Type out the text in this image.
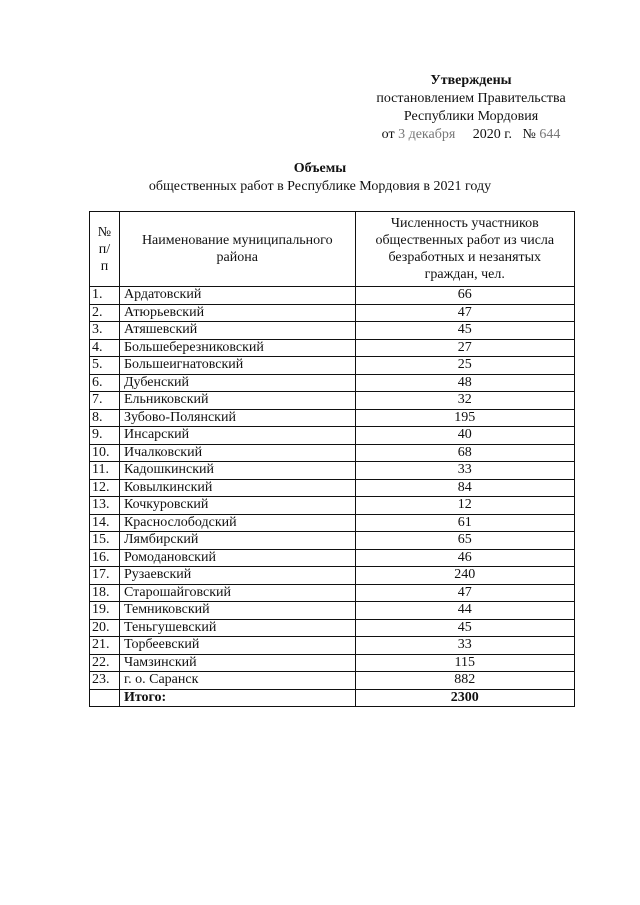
Утверждены
постановлением Правительства
Республики Мордовия
от 3 декабря 2020 г. № 644
Объемы
общественных работ в Республике Мордовия в 2021 году
№ п/п	Наименование муниципального района	Численность участников общественных работ из числа безработных и незанятых граждан, чел.
1.	Ардатовский	66
2.	Атюрьевский	47
3.	Атяшевский	45
4.	Большеберезниковский	27
5.	Большеигнатовский	25
6.	Дубенский	48
7.	Ельниковский	32
8.	Зубово-Полянский	195
9.	Инсарский	40
10.	Ичалковский	68
11.	Кадошкинский	33
12.	Ковылкинский	84
13.	Кочкуровский	12
14.	Краснослободский	61
15.	Лямбирский	65
16.	Ромодановский	46
17.	Рузаевский	240
18.	Старошайговский	47
19.	Темниковский	44
20.	Теньгушевский	45
21.	Торбеевский	33
22.	Чамзинский	115
23.	г. о. Саранск	882
	Итого:	2300
